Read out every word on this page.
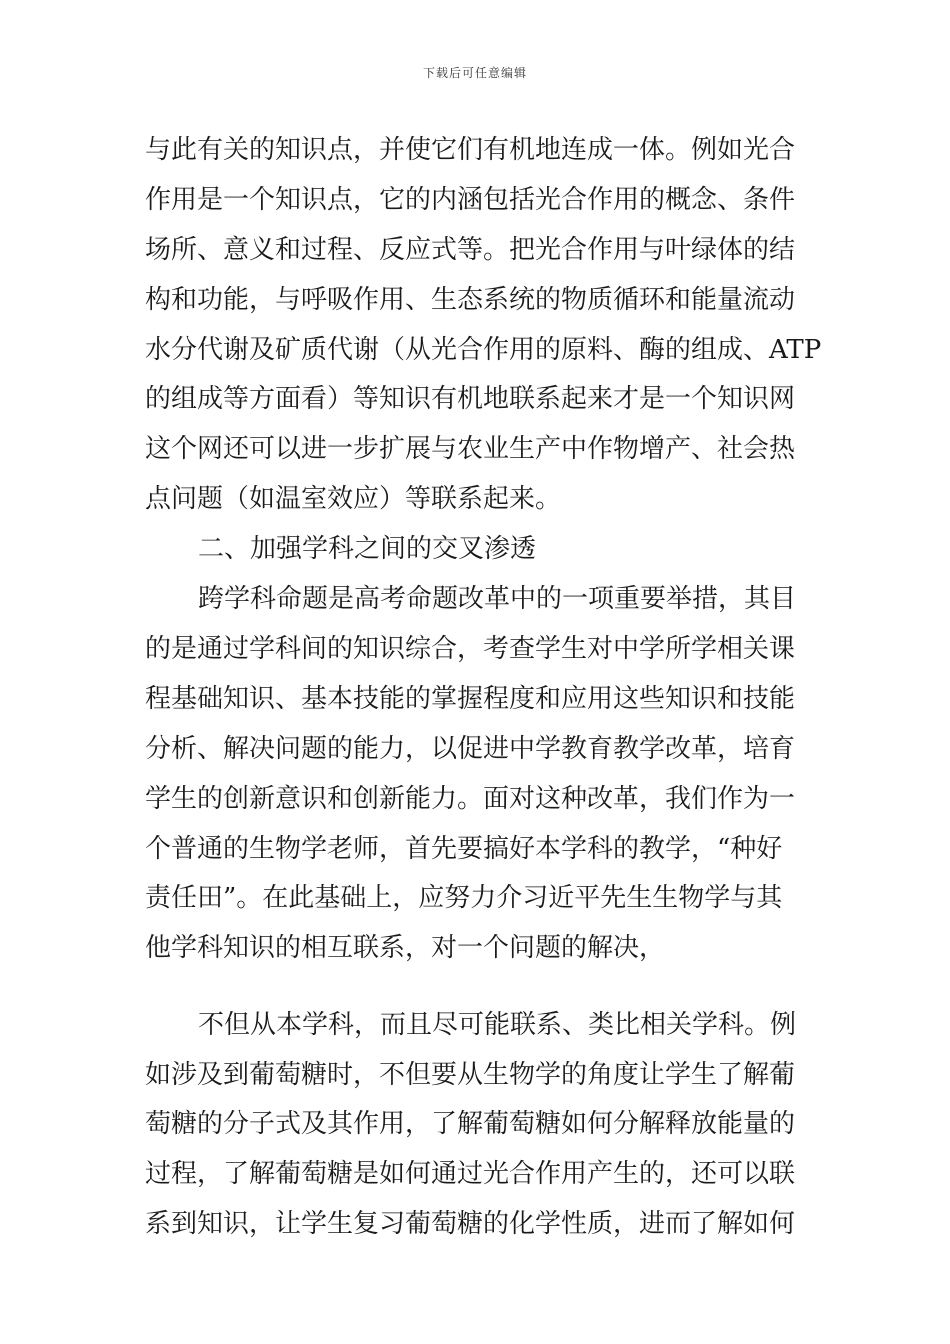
下载后可任意编辑
与此有关的知识点，并使它们有机地连成一体。例如光合
作用是一个知识点，它的内涵包括光合作用的概念、条件
场所、意义和过程、反应式等。把光合作用与叶绿体的结
构和功能，与呼吸作用、生态系统的物质循环和能量流动
水分代谢及矿质代谢（从光合作用的原料、酶的组成、ATP
的组成等方面看）等知识有机地联系起来才是一个知识网
这个网还可以进一步扩展与农业生产中作物增产、社会热
点问题（如温室效应）等联系起来。
二、加强学科之间的交叉渗透
跨学科命题是高考命题改革中的一项重要举措，其目
的是通过学科间的知识综合，考查学生对中学所学相关课
程基础知识、基本技能的掌握程度和应用这些知识和技能
分析、解决问题的能力，以促进中学教育教学改革，培育
学生的创新意识和创新能力。面对这种改革，我们作为一
个普通的生物学老师，首先要搞好本学科的教学，“种好
责任田”。在此基础上，应努力介习近平先生生物学与其
他学科知识的相互联系，对一个问题的解决，
不但从本学科，而且尽可能联系、类比相关学科。例
如涉及到葡萄糖时，不但要从生物学的角度让学生了解葡
萄糖的分子式及其作用，了解葡萄糖如何分解释放能量的
过程，了解葡萄糖是如何通过光合作用产生的，还可以联
系到知识，让学生复习葡萄糖的化学性质，进而了解如何
